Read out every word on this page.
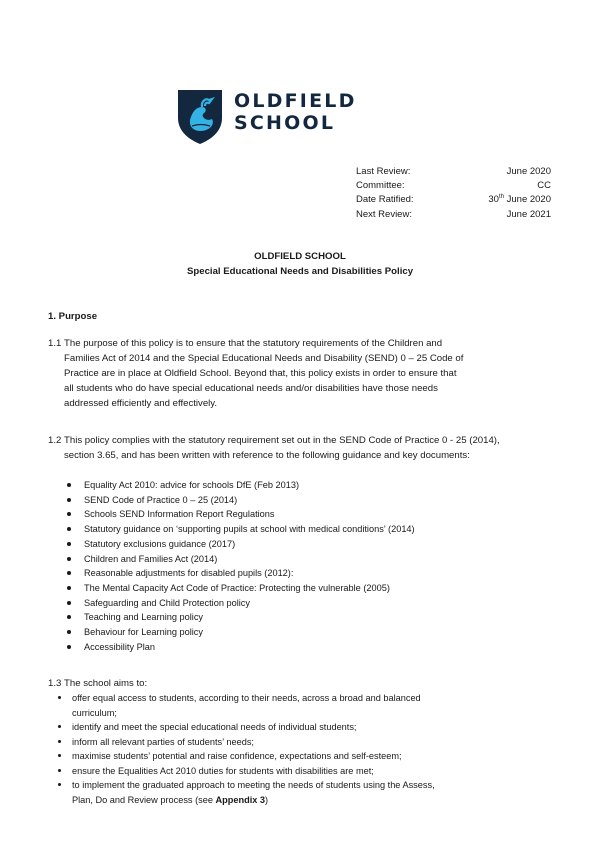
OLDFIELD
SCHOOL
Last Review:	June 2020
Committee:	CC
Date Ratified:	30th June 2020
Next Review:	June 2021
OLDFIELD SCHOOL
Special Educational Needs and Disabilities Policy
1. Purpose
1.1 The purpose of this policy is to ensure that the statutory requirements of the Children and
Families Act of 2014 and the Special Educational Needs and Disability (SEND) 0 – 25 Code of
Practice are in place at Oldfield School. Beyond that, this policy exists in order to ensure that
all students who do have special educational needs and/or disabilities have those needs
addressed efficiently and effectively.
1.2 This policy complies with the statutory requirement set out in the SEND Code of Practice 0 - 25 (2014),
section 3.65, and has been written with reference to the following guidance and key documents:
Equality Act 2010: advice for schools DfE (Feb 2013)
SEND Code of Practice 0 – 25 (2014)
Schools SEND Information Report Regulations
Statutory guidance on ‘supporting pupils at school with medical conditions’ (2014)
Statutory exclusions guidance (2017)
Children and Families Act (2014)
Reasonable adjustments for disabled pupils (2012):
The Mental Capacity Act Code of Practice: Protecting the vulnerable (2005)
Safeguarding and Child Protection policy
Teaching and Learning policy
Behaviour for Learning policy
Accessibility Plan
1.3 The school aims to:
offer equal access to students, according to their needs, across a broad and balanced
curriculum;
identify and meet the special educational needs of individual students;
inform all relevant parties of students’ needs;
maximise students’ potential and raise confidence, expectations and self-esteem;
ensure the Equalities Act 2010 duties for students with disabilities are met;
to implement the graduated approach to meeting the needs of students using the Assess,
Plan, Do and Review process (see Appendix 3)
